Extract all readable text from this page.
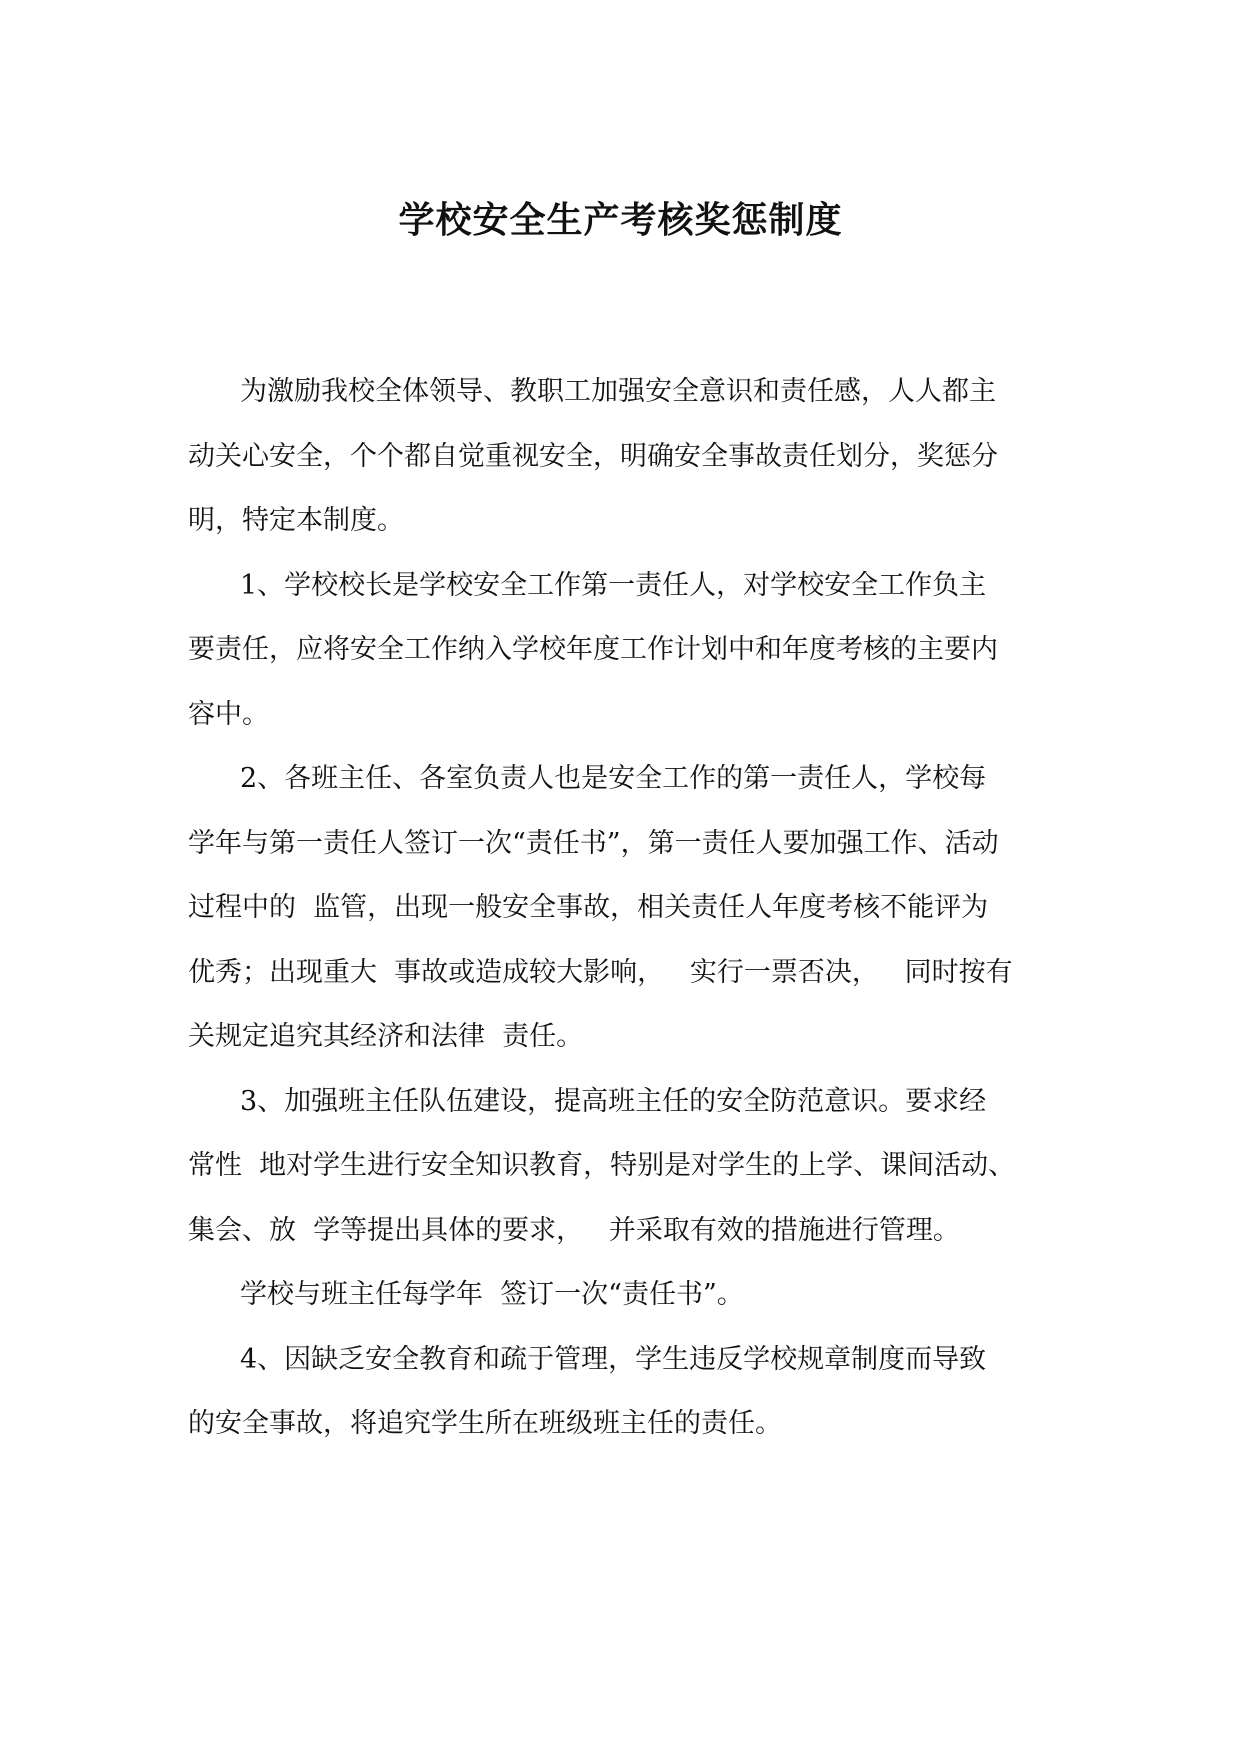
学校安全生产考核奖惩制度

为激励我校全体领导、教职工加强安全意识和责任感，人人都主

动关心安全，个个都自觉重视安全，明确安全事故责任划分，奖惩分

明，特定本制度。

1、学校校长是学校安全工作第一责任人，对学校安全工作负主

要责任，应将安全工作纳入学校年度工作计划中和年度考核的主要内

容中。

2、各班主任、各室负责人也是安全工作的第一责任人，学校每

学年与第一责任人签订一次“责任书”，第一责任人要加强工作、活动

过程中的  监管，出现一般安全事故，相关责任人年度考核不能评为

优秀；出现重大  事故或造成较大影响，   实行一票否决，   同时按有

关规定追究其经济和法律  责任。

3、加强班主任队伍建设，提高班主任的安全防范意识。要求经

常性  地对学生进行安全知识教育，特别是对学生的上学、课间活动、

集会、放  学等提出具体的要求，   并采取有效的措施进行管理。

学校与班主任每学年  签订一次“责任书”。

4、因缺乏安全教育和疏于管理，学生违反学校规章制度而导致

的安全事故，将追究学生所在班级班主任的责任。
